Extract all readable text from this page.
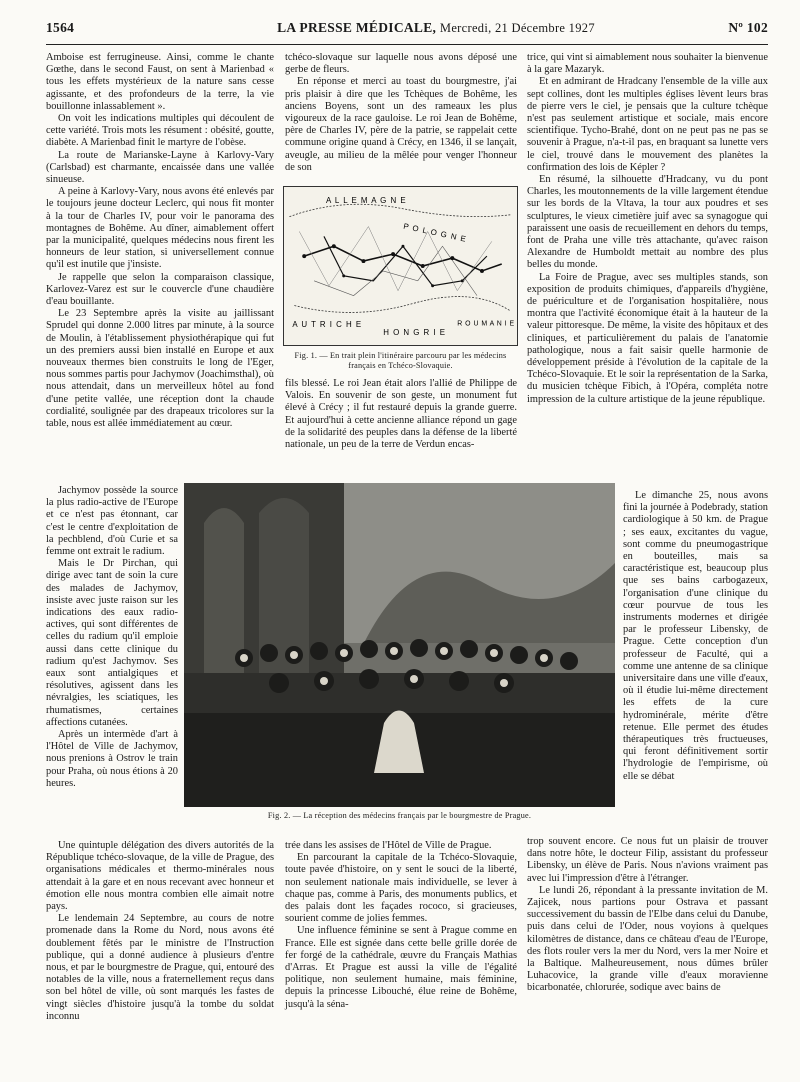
1564	LA PRESSE MÉDICALE, Mercredi, 21 Décembre 1927	Nº 102

Amboise est ferrugineuse. Ainsi, comme le chante Gœthe, dans le second Faust, on sent à Marienbad « tous les effets mystérieux de la nature sans cesse agissante, et des profondeurs de la terre, la vie bouillonne inlassablement ».

On voit les indications multiples qui découlent de cette variété. Trois mots les résument : obésité, goutte, diabète. A Marienbad finit le martyre de l'obèse.

La route de Marianske-Layne à Karlovy-Vary (Carlsbad) est charmante, encaissée dans une vallée sinueuse.

A peine à Karlovy-Vary, nous avons été enlevés par le toujours jeune docteur Leclerc, qui nous fit monter à la tour de Charles IV, pour voir le panorama des montagnes de Bohême. Au dîner, aimablement offert par la municipalité, quelques médecins nous firent les honneurs de leur station, si universellement connue qu'il est inutile que j'insiste.

Je rappelle que selon la comparaison classique, Karlovez-Varez est sur le couvercle d'une chaudière d'eau bouillante.

Le 23 Septembre après la visite au jaillissant Sprudel qui donne 2.000 litres par minute, à la source de Moulin, à l'établissement physiothérapique qui fut un des premiers aussi bien installé en Europe et aux nouveaux thermes bien construits le long de l'Eger, nous sommes partis pour Jachymov (Joachimsthal), où nous attendait, dans un merveilleux hôtel au fond d'une petite vallée, une réception dont la chaude cordialité, soulignée par des drapeaux tricolores sur la table, nous est allée immédiatement au cœur.

Jachymov possède la source la plus radio-active de l'Europe et ce n'est pas étonnant, car c'est le centre d'exploitation de la pechblend, d'où Curie et sa femme ont extrait le radium.

Mais le Dr Pirchan, qui dirige avec tant de soin la cure des malades de Jachymov, insiste avec juste raison sur les indications des eaux radio-actives, qui sont différentes de celles du radium qu'il emploie aussi dans cette clinique du radium qu'est Jachymov. Ses eaux sont antialgiques et résolutives, agissent dans les névralgies, les sciatiques, les rhumatismes, certaines affections cutanées.

Après un intermède d'art à l'Hôtel de Ville de Jachymov, nous prenions à Ostrov le train pour Praha, où nous étions à 20 heures.

Une quintuple délégation des divers autorités de la République tchéco-slovaque, de la ville de Prague, des organisations médicales et thermo-minérales nous attendait à la gare et en nous recevant avec honneur et émotion elle nous montra combien elle aimait notre pays.

Le lendemain 24 Septembre, au cours de notre promenade dans la Rome du Nord, nous avons été doublement fêtés par le ministre de l'Instruction publique, qui a donné audience à plusieurs d'entre nous, et par le bourgmestre de Prague, qui, entouré des notables de la ville, nous a fraternellement reçus dans son bel hôtel de ville, où sont marqués les fastes de vingt siècles d'histoire jusqu'à la tombe du soldat inconnu

tchéco-slovaque sur laquelle nous avons déposé une gerbe de fleurs.

En réponse et merci au toast du bourgmestre, j'ai pris plaisir à dire que les Tchèques de Bohême, les anciens Boyens, sont un des rameaux les plus vigoureux de la race gauloise. Le roi Jean de Bohême, père de Charles IV, père de la patrie, se rappelait cette commune origine quand à Crécy, en 1346, il se lançait, aveugle, au milieu de la mêlée pour venger l'honneur de son

A L L E M A G N E
P O L O G N E
A U T R I C H E
H O N G R I E
R O U M A N I E
Fig. 1. — En trait plein l'itinéraire parcouru par les médecins français en Tchéco-Slovaquie.

fils blessé. Le roi Jean était alors l'allié de Philippe de Valois. En souvenir de son geste, un monument fut élevé à Crécy ; il fut restauré depuis la grande guerre. Et aujourd'hui à cette ancienne alliance répond un gage de la solidarité des peuples dans la défense de la liberté nationale, un peu de la terre de Verdun encas-

Fig. 2. — La réception des médecins français par le bourgmestre de Prague.

trée dans les assises de l'Hôtel de Ville de Prague.

En parcourant la capitale de la Tchéco-Slovaquie, toute pavée d'histoire, on y sent le souci de la liberté, non seulement nationale mais individuelle, se lever à chaque pas, comme à Paris, des monuments publics, et des palais dont les façades rococo, si gracieuses, sourient comme de jolies femmes.

Une influence féminine se sent à Prague comme en France. Elle est signée dans cette belle grille dorée de fer forgé de la cathédrale, œuvre du Français Mathias d'Arras. Et Prague est aussi la ville de l'égalité politique, non seulement humaine, mais féminine, depuis la princesse Libouché, élue reine de Bohême, jusqu'à la séna-

trice, qui vint si aimablement nous souhaiter la bienvenue à la gare Mazaryk.

Et en admirant de Hradcany l'ensemble de la ville aux sept collines, dont les multiples églises lèvent leurs bras de pierre vers le ciel, je pensais que la culture tchèque n'est pas seulement artistique et sociale, mais encore scientifique. Tycho-Brahé, dont on ne peut pas ne pas se souvenir à Prague, n'a-t-il pas, en braquant sa lunette vers le ciel, trouvé dans le mouvement des planètes la confirmation des lois de Képler ?

En résumé, la silhouette d'Hradcany, vu du pont Charles, les moutonnements de la ville largement étendue sur les bords de la Vltava, la tour aux poudres et ses sculptures, le vieux cimetière juif avec sa synagogue qui paraissent une oasis de recueillement en dehors du temps, font de Praha une ville très attachante, qu'avec raison Alexandre de Humboldt mettait au nombre des plus belles du monde.

La Foire de Prague, avec ses multiples stands, son exposition de produits chimiques, d'appareils d'hygiène, de puériculture et de l'organisation hospitalière, nous montra que l'activité économique était à la hauteur de la valeur pittoresque. De même, la visite des hôpitaux et des cliniques, et particulièrement du palais de l'anatomie pathologique, nous a fait saisir quelle harmonie de développement préside à l'évolution de la capitale de la Tchéco-Slovaquie. Et le soir la représentation de la Sarka, du musicien tchèque Fibich, à l'Opéra, compléta notre impression de la culture artistique de la jeune république.

Le dimanche 25, nous avons fini la journée à Podebrady, station cardiologique à 50 km. de Prague ; ses eaux, excitantes du vague, sont comme du pneumogastrique en bouteilles, mais sa caractéristique est, beaucoup plus que ses bains carbogazeux, l'organisation d'une clinique du cœur pourvue de tous les instruments modernes et dirigée par le professeur Libensky, de Prague. Cette conception d'un professeur de Faculté, qui a comme une antenne de sa clinique universitaire dans une ville d'eaux, où il étudie lui-même directement les effets de la cure hydrominérale, mérite d'être retenue. Elle permet des études thérapeutiques très fructueuses, qui feront définitivement sortir l'hydrologie de l'empirisme, où elle se débat

trop souvent encore. Ce nous fut un plaisir de trouver dans notre hôte, le docteur Filip, assistant du professeur Libensky, un élève de Paris. Nous n'avions vraiment pas avec lui l'impression d'être à l'étranger.

Le lundi 26, répondant à la pressante invitation de M. Zajicek, nous partions pour Ostrava et passant successivement du bassin de l'Elbe dans celui du Danube, puis dans celui de l'Oder, nous voyions à quelques kilomètres de distance, dans ce château d'eau de l'Europe, des flots rouler vers la mer du Nord, vers la mer Noire et la Baltique. Malheureusement, nous dûmes brûler Luhacovice, la grande ville d'eaux moravienne bicarbonatée, chlorurée, sodique avec bains de
